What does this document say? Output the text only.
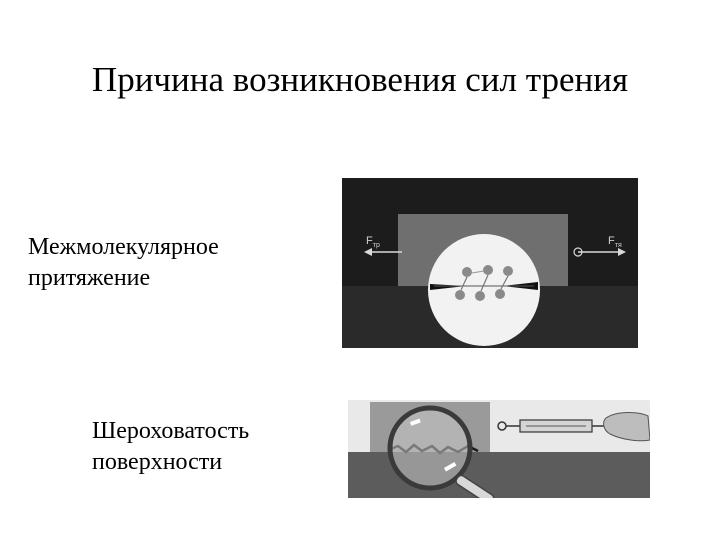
Причина возникновения сил трения
Межмолекулярное
притяжение
Шероховатость
поверхности
$F_{тр}$	$F_{тя}$
